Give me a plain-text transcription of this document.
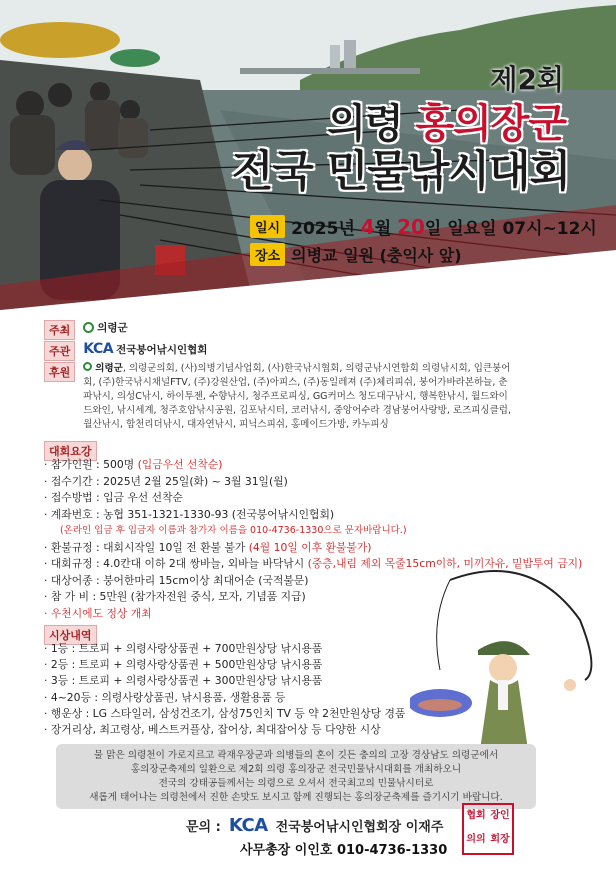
제2회
의령 홍의장군
전국 민물낚시대회
일시 2025년 4월 20일 일요일 07시~12시
장소 의병교 일원 (충익사 앞)
주최	의령군
주관 KCA 전국붕어낚시인협회
후원	의령군, 의령군의회, (사)의병기념사업회, (사)한국낚시협회, 의령군낚시연합회 의령낚시회, 입큰붕어회, (주)한국낚시채널FTV, (주)강원산업, (주)아피스, (주)동일레져 (주)체리피쉬, 붕어가바라본하늘, 춘파낚시, 의성C낚시, 하이투젠, 수향낚시, 청주프로피싱, GG커머스 청도대구낚시, 행복한낚시, 월드와이드와인, 낚시세계, 청주호암낚시공원, 김포낚시터, 코러낚시, 중앙어수라 경남붕어사랑방, 로즈피싱클럽, 월산낚시, 합천리더낚시, 대자연낚시, 피닉스피쉬, 홍메이드가방, 카누피싱
대회요강
· 참가인원 : 500명 (입금우선 선착순)
· 접수기간 : 2025년 2월 25일(화) ~ 3월 31일(월)
· 접수방법 : 입금 우선 선착순
· 계좌번호 : 농협 351-1321-1330-93 (전국붕어낚시인협회)
(온라인 입금 후 입금자 이름과 참가자 이름을 010-4736-1330으로 문자바랍니다.)
· 환불규정 : 대회시작일 10일 전 환불 불가 (4월 10일 이후 환불불가)
· 대회규정 : 4.0칸대 이하 2대 쌍바늘, 외바늘 바닥낚시 (중층,내림 제외 목줄15cm이하, 미끼자유, 밑밥투여 금지)
· 대상어종 : 붕어한마리 15cm이상 최대어순 (국적불문)
· 참 가 비 : 5만원 (참가자전원 중식, 모자, 기념품 지급)
· 우천시에도 정상 개최
시상내역
· 1등 : 트로피 + 의령사랑상품권 + 700만원상당 낚시용품
· 2등 : 트로피 + 의령사랑상품권 + 500만원상당 낚시용품
· 3등 : 트로피 + 의령사랑상품권 + 300만원상당 낚시용품
· 4~20등 : 의령사랑상품권, 낚시용품, 생활용품 등
· 행운상 : LG 스타일러, 삼성건조기, 삼성75인치 TV 등 약 2천만원상당 경품
· 장거리상, 최고령상, 베스트커플상, 잡어상, 최대잡어상 등 다양한 시상
물 맑은 의령천이 가로지르고 곽재우장군과 의병들의 혼이 깃든 충의의 고장 경상남도 의령군에서
홍의장군축제의 일환으로 제2회 의령 홍의장군 전국민물낚시대회를 개최하오니
전국의 강태공들께서는 의령으로 오셔서 전국최고의 민물낚시터로
새롭게 태어나는 의령천에서 진한 손맛도 보시고 함께 진행되는 홍의장군축제를 즐기시기 바랍니다.
문의 : KCA 전국붕어낚시인협회장 이재주
사무총장 이인호 010-4736-1330
협회 장인
의의 회장
